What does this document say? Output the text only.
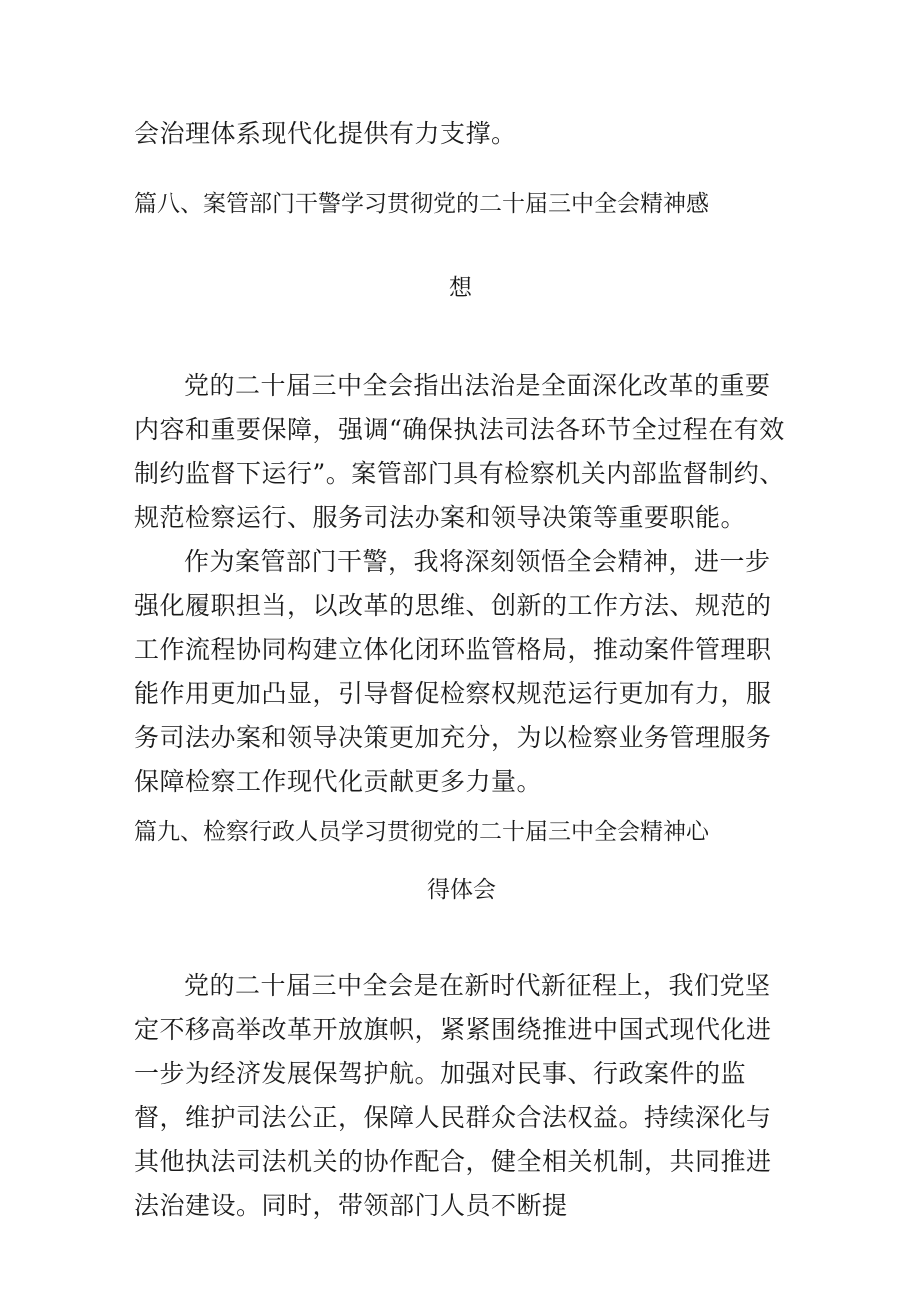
会治理体系现代化提供有力支撑。

篇八、案管部门干警学习贯彻党的二十届三中全会精神感
想

党的二十届三中全会指出法治是全面深化改革的重要内容和重要保障，强调“确保执法司法各环节全过程在有效制约监督下运行”。案管部门具有检察机关内部监督制约、规范检察运行、服务司法办案和领导决策等重要职能。

作为案管部门干警，我将深刻领悟全会精神，进一步强化履职担当，以改革的思维、创新的工作方法、规范的工作流程协同构建立体化闭环监管格局，推动案件管理职能作用更加凸显，引导督促检察权规范运行更加有力，服务司法办案和领导决策更加充分，为以检察业务管理服务保障检察工作现代化贡献更多力量。

篇九、检察行政人员学习贯彻党的二十届三中全会精神心
得体会

党的二十届三中全会是在新时代新征程上，我们党坚定不移高举改革开放旗帜，紧紧围绕推进中国式现代化进一步为经济发展保驾护航。加强对民事、行政案件的监督，维护司法公正，保障人民群众合法权益。持续深化与其他执法司法机关的协作配合，健全相关机制，共同推进法治建设。同时，带领部门人员不断提
